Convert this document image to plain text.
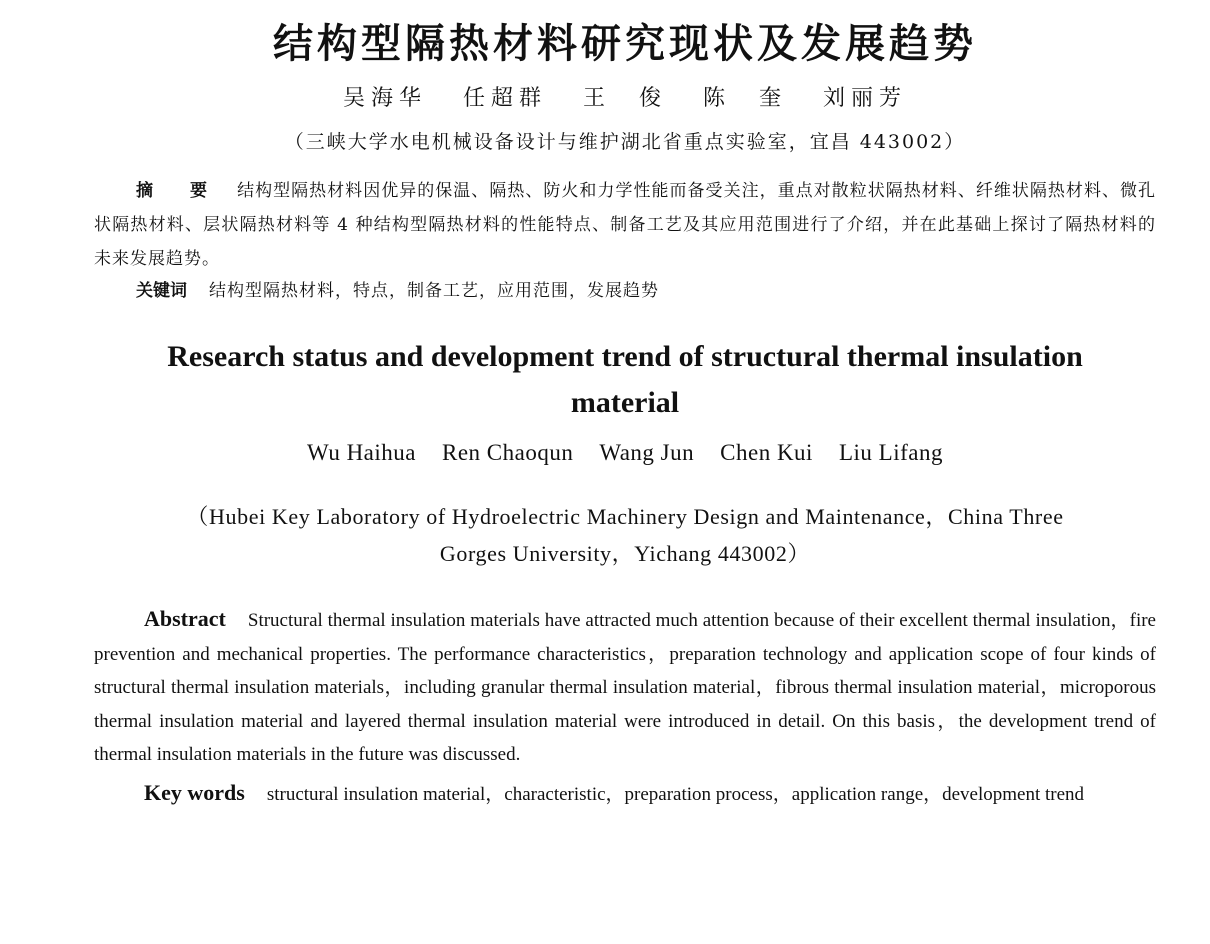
结构型隔热材料研究现状及发展趋势
吴海华 任超群 王　俊 陈　奎 刘丽芳
（三峡大学水电机械设备设计与维护湖北省重点实验室，宜昌 443002）
摘　要 结构型隔热材料因优异的保温、隔热、防火和力学性能而备受关注，重点对散粒状隔热材料、纤维状隔热材料、微孔状隔热材料、层状隔热材料等 4 种结构型隔热材料的性能特点、制备工艺及其应用范围进行了介绍，并在此基础上探讨了隔热材料的未来发展趋势。
关键词 结构型隔热材料，特点，制备工艺，应用范围，发展趋势
Research status and development trend of structural thermal insulation material
Wu Haihua Ren Chaoqun Wang Jun Chen Kui Liu Lifang
（Hubei Key Laboratory of Hydroelectric Machinery Design and Maintenance，China Three Gorges University，Yichang 443002）
Abstract Structural thermal insulation materials have attracted much attention because of their excellent thermal insulation，fire prevention and mechanical properties. The performance characteristics，preparation technology and application scope of four kinds of structural thermal insulation materials，including granular thermal insulation material，fibrous thermal insulation material，microporous thermal insulation material and layered thermal insulation material were introduced in detail. On this basis，the development trend of thermal insulation materials in the future was discussed.
Key words structural insulation material，characteristic，preparation process，application range，development trend
